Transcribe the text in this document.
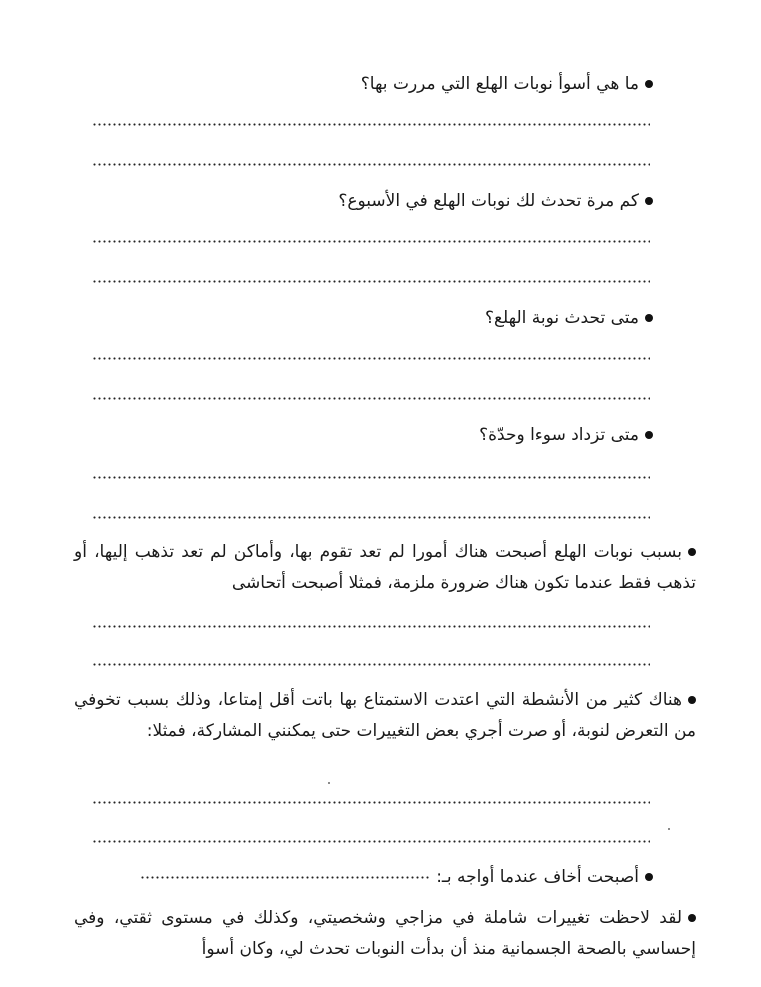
ما هي أسوأ نوبات الهلع التي مررت بها؟
كم مرة تحدث لك نوبات الهلع في الأسبوع؟
متى تحدث نوبة الهلع؟
متى تزداد سوءا وحدّة؟
بسبب نوبات الهلع أصبحت هناك أمورا لم تعد تقوم بها، وأماكن لم تعد تذهب إليها، أو تذهب فقط عندما تكون هناك ضرورة ملزمة، فمثلا أصبحت أتحاشى
هناك كثير من الأنشطة التي اعتدت الاستمتاع بها باتت أقل إمتاعا، وذلك بسبب تخوفي من التعرض لنوبة، أو صرت أجري بعض التغييرات حتى يمكنني المشاركة، فمثلا:
أصبحت أخاف عندما أواجه بـ:
لقد لاحظت تغييرات شاملة في مزاجي وشخصيتي، وكذلك في مستوى ثقتي، وفي إحساسي بالصحة الجسمانية منذ أن بدأت النوبات تحدث لي، وكان أسوأ
